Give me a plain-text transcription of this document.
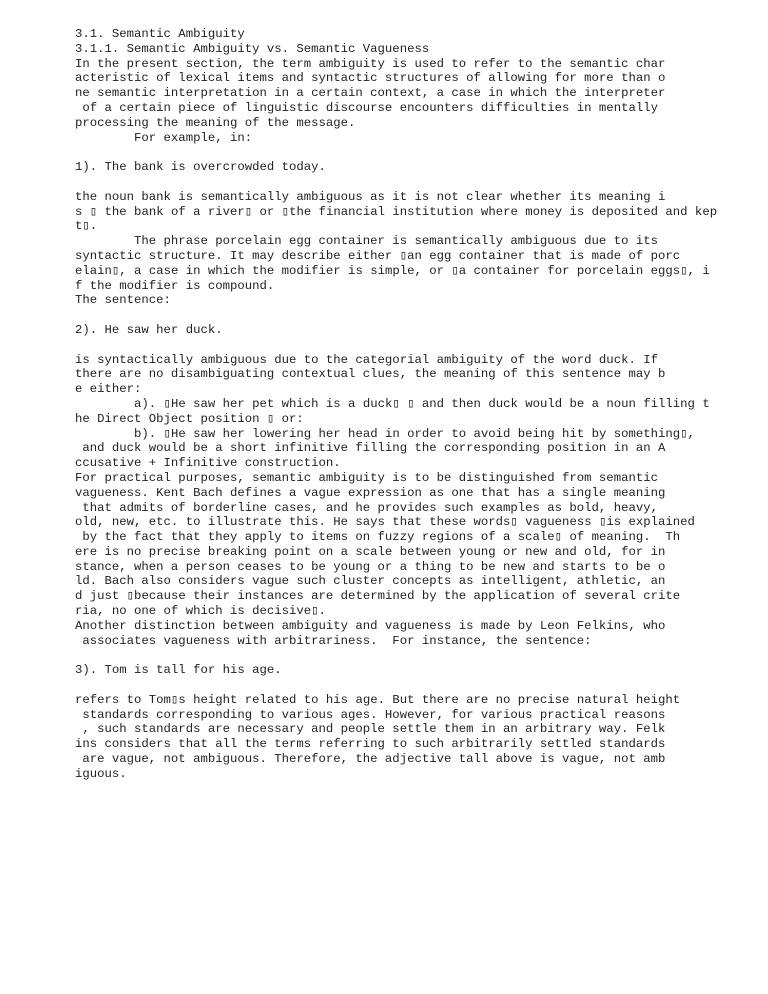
3.1. Semantic Ambiguity
3.1.1. Semantic Ambiguity vs. Semantic Vagueness
In the present section, the term ambiguity is used to refer to the semantic char
acteristic of lexical items and syntactic structures of allowing for more than o
ne semantic interpretation in a certain context, a case in which the interpreter
of a certain piece of linguistic discourse encounters difficulties in mentally
processing the meaning of the message.
For example, in:
1). The bank is overcrowded today.
the noun bank is semantically ambiguous as it is not clear whether its meaning i
s ▯ the bank of a river▯ or ▯the financial institution where money is deposited and kep
t▯.
The phrase porcelain egg container is semantically ambiguous due to its
syntactic structure. It may describe either ▯an egg container that is made of porc
elain▯, a case in which the modifier is simple, or ▯a container for porcelain eggs▯, i
f the modifier is compound.
The sentence:
2). He saw her duck.
is syntactically ambiguous due to the categorial ambiguity of the word duck. If
there are no disambiguating contextual clues, the meaning of this sentence may b
e either:
a). ▯He saw her pet which is a duck▯ ▯ and then duck would be a noun filling t
he Direct Object position ▯ or:
b). ▯He saw her lowering her head in order to avoid being hit by something▯,
and duck would be a short infinitive filling the corresponding position in an A
ccusative + Infinitive construction.
For practical purposes, semantic ambiguity is to be distinguished from semantic
vagueness. Kent Bach defines a vague expression as one that has a single meaning
that admits of borderline cases, and he provides such examples as bold, heavy,
old, new, etc. to illustrate this. He says that these words▯ vagueness ▯is explained
by the fact that they apply to items on fuzzy regions of a scale▯ of meaning.  Th
ere is no precise breaking point on a scale between young or new and old, for in
stance, when a person ceases to be young or a thing to be new and starts to be o
ld. Bach also considers vague such cluster concepts as intelligent, athletic, an
d just ▯because their instances are determined by the application of several crite
ria, no one of which is decisive▯.
Another distinction between ambiguity and vagueness is made by Leon Felkins, who
associates vagueness with arbitrariness.  For instance, the sentence:
3). Tom is tall for his age.
refers to Tom▯s height related to his age. But there are no precise natural height
standards corresponding to various ages. However, for various practical reasons
, such standards are necessary and people settle them in an arbitrary way. Felk
ins considers that all the terms referring to such arbitrarily settled standards
are vague, not ambiguous. Therefore, the adjective tall above is vague, not amb
iguous.
